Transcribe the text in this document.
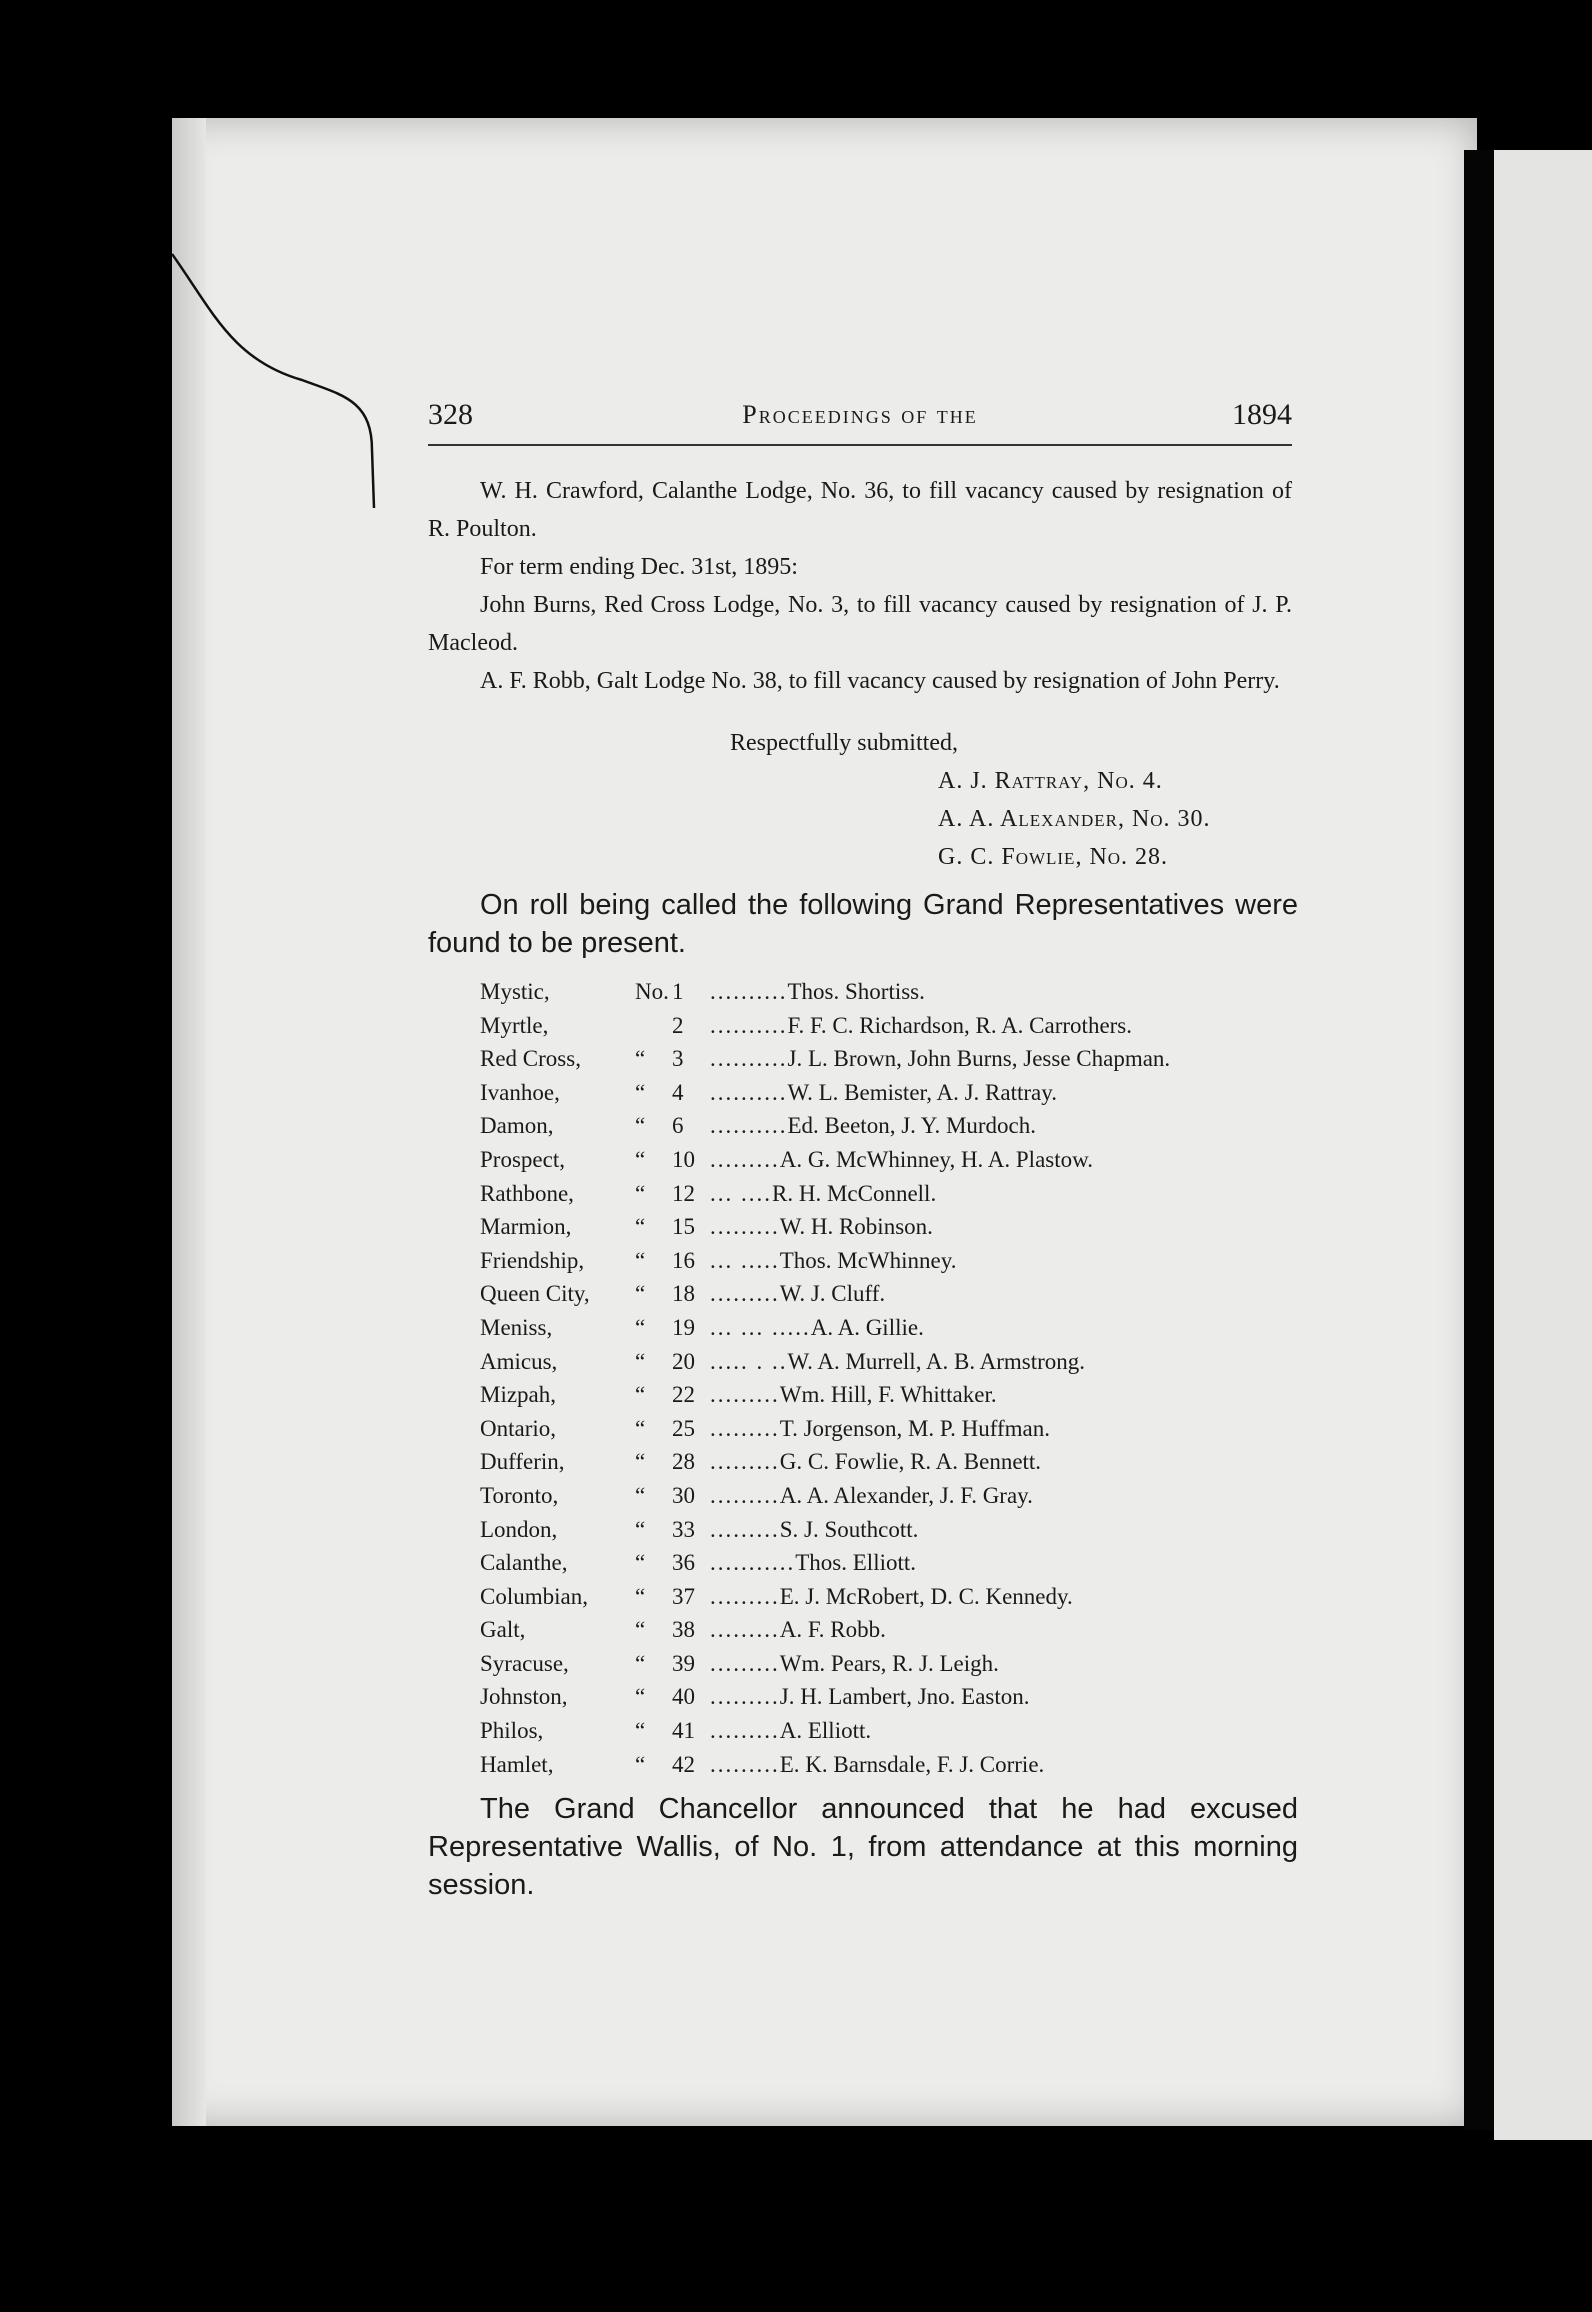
328	Proceedings of the	1894
W. H. Crawford, Calanthe Lodge, No. 36, to fill vacancy caused by resignation of R. Poulton.
For term ending Dec. 31st, 1895:
John Burns, Red Cross Lodge, No. 3, to fill vacancy caused by resignation of J. P. Macleod.
A. F. Robb, Galt Lodge No. 38, to fill vacancy caused by resignation of John Perry.
Respectfully submitted,
A. J. Rattray, No. 4.
A. A. Alexander, No. 30.
G. C. Fowlie, No. 28.
On roll being called the following Grand Representatives were found to be present.
Mystic,	No. 1 ..........Thos. Shortiss.
Myrtle,	2 ..........F. F. C. Richardson, R. A. Carrothers.
Red Cross, “ 3 ..........J. L. Brown, John Burns, Jesse Chapman.
Ivanhoe,	“ 4 ..........W. L. Bemister, A. J. Rattray.
Damon,	“ 6 ..........Ed. Beeton, J. Y. Murdoch.
Prospect,	“ 10 .........A. G. McWhinney, H. A. Plastow.
Rathbone,	“ 12 ... ....R. H. McConnell.
Marmion,	“ 15 .........W. H. Robinson.
Friendship, “ 16 ... .....Thos. McWhinney.
Queen City, “ 18 .........W. J. Cluff.
Meniss,	“ 19 ... ... .....A. A. Gillie.
Amicus,	“ 20 ..... . ..W. A. Murrell, A. B. Armstrong.
Mizpah,	“ 22 .........Wm. Hill, F. Whittaker.
Ontario,	“ 25 .........T. Jorgenson, M. P. Huffman.
Dufferin,	“ 28 .........G. C. Fowlie, R. A. Bennett.
Toronto,	“ 30 .........A. A. Alexander, J. F. Gray.
London,	“ 33 .........S. J. Southcott.
Calanthe,	“ 36 ...........Thos. Elliott.
Columbian, “ 37 .........E. J. McRobert, D. C. Kennedy.
Galt,	“ 38 .........A. F. Robb.
Syracuse,	“ 39 .........Wm. Pears, R. J. Leigh.
Johnston,	“ 40 .........J. H. Lambert, Jno. Easton.
Philos,	“ 41 .........A. Elliott.
Hamlet,	“ 42 .........E. K. Barnsdale, F. J. Corrie.
The Grand Chancellor announced that he had excused Representative Wallis, of No. 1, from attendance at this morning session.
